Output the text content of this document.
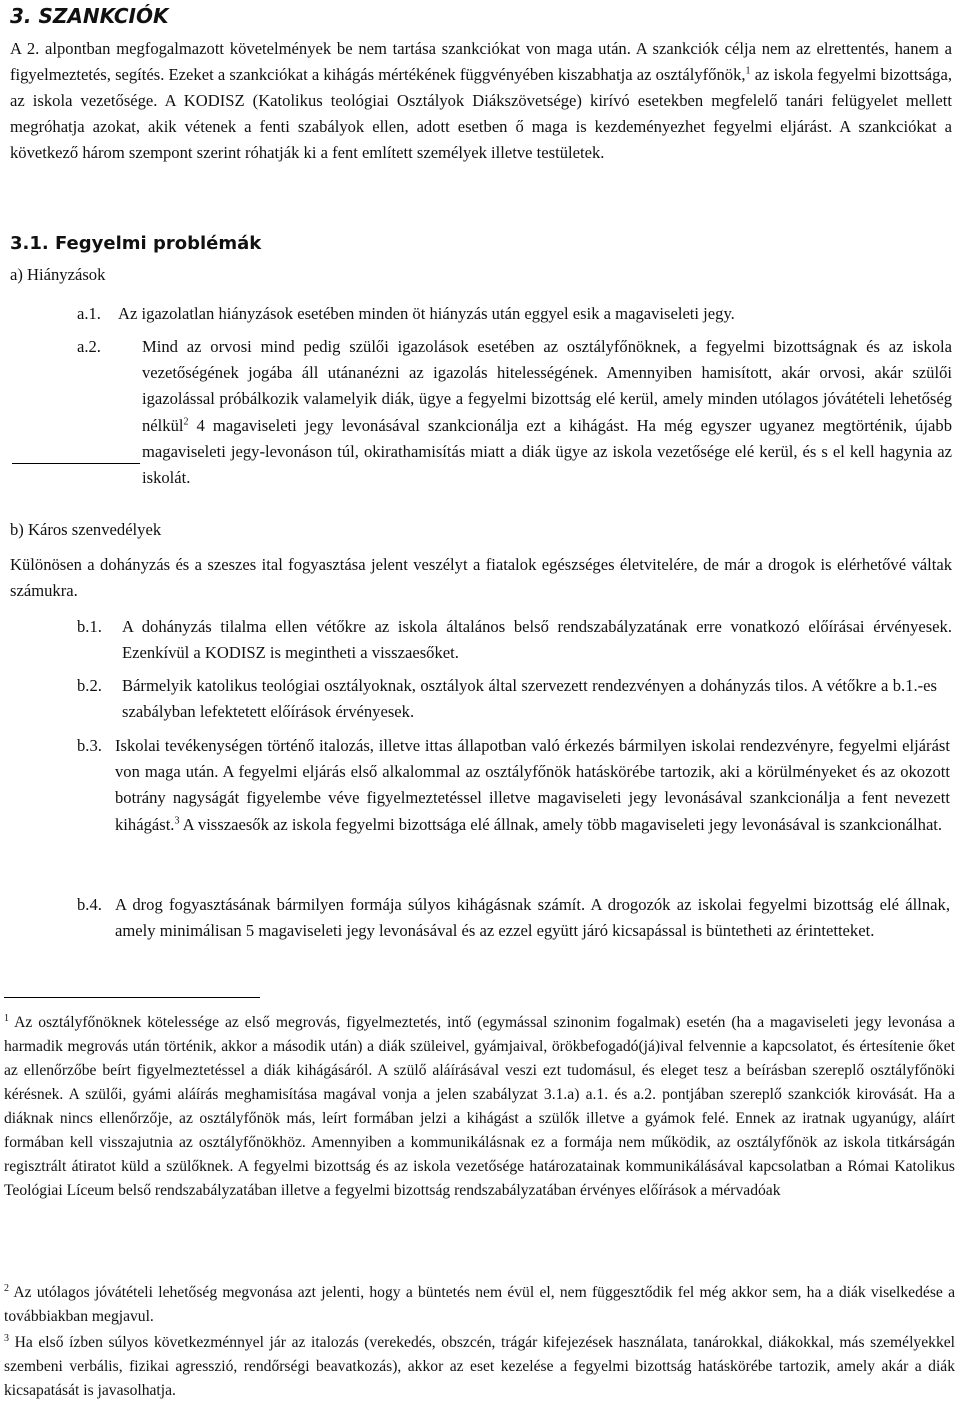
3. SZANKCIÓK
A 2. alpontban megfogalmazott követelmények be nem tartása szankciókat von maga után. A szankciók célja nem az elrettentés, hanem a figyelmeztetés, segítés. Ezeket a szankciókat a kihágás mértékének függvényében kiszabhatja az osztályfőnök,$^1$ az iskola fegyelmi bizottsága, az iskola vezetősége. A KODISZ (Katolikus teológiai Osztályok Diákszövetsége) kirívó esetekben megfelelő tanári felügyelet mellett megróhatja azokat, akik vétenek a fenti szabályok ellen, adott esetben ő maga is kezdeményezhet fegyelmi eljárást. A szankciókat a következő három szempont szerint róhatják ki a fent említett személyek illetve testületek.
3.1. Fegyelmi problémák
a) Hiányzások
a.1. Az igazolatlan hiányzások esetében minden öt hiányzás után eggyel esik a magaviseleti jegy.
a.2. Mind az orvosi mind pedig szülői igazolások esetében az osztályfőnöknek, a fegyelmi bizottságnak és az iskola vezetőségének jogába áll utánanézni az igazolás hitelességének. Amennyiben hamisított, akár orvosi, akár szülői igazolással próbálkozik valamelyik diák, ügye a fegyelmi bizottság elé kerül, amely minden utólagos jóvátételi lehetőség nélkül$^2$ 4 magaviseleti jegy levonásával szankcionálja ezt a kihágást. Ha még egyszer ugyanez megtörténik, újabb magaviseleti jegy-levonáson túl, okirathamisítás miatt a diák ügye az iskola vezetősége elé kerül, és s el kell hagynia az iskolát.
b) Káros szenvedélyek
Különösen a dohányzás és a szeszes ital fogyasztása jelent veszélyt a fiatalok egészséges életvitelére, de már a drogok is elérhetővé váltak számukra.
b.1. A dohányzás tilalma ellen vétőkre az iskola általános belső rendszabályzatának erre vonatkozó előírásai érvényesek. Ezenkívül a KODISZ is megintheti a visszaesőket.
b.2. Bármelyik katolikus teológiai osztályoknak, osztályok által szervezett rendezvényen a dohányzás tilos. A vétőkre a b.1.-es szabályban lefektetett előírások érvényesek.
b.3. Iskolai tevékenységen történő italozás, illetve ittas állapotban való érkezés bármilyen iskolai rendezvényre, fegyelmi eljárást von maga után. A fegyelmi eljárás első alkalommal az osztályfőnök hatáskörébe tartozik, aki a körülményeket és az okozott botrány nagyságát figyelembe véve figyelmeztetéssel illetve magaviseleti jegy levonásával szankcionálja a fent nevezett kihágást.$^3$ A visszaesők az iskola fegyelmi bizottsága elé állnak, amely több magaviseleti jegy levonásával is szankcionálhat.
b.4. A drog fogyasztásának bármilyen formája súlyos kihágásnak számít. A drogozók az iskolai fegyelmi bizottság elé állnak, amely minimálisan 5 magaviseleti jegy levonásával és az ezzel együtt járó kicsapással is büntetheti az érintetteket.
$^1$ Az osztályfőnöknek kötelessége az első megrovás, figyelmeztetés, intő (egymással szinonim fogalmak) esetén (ha a magaviseleti jegy levonása a harmadik megrovás után történik, akkor a második után) a diák szüleivel, gyámjaival, örökbefogadó(já)ival felvennie a kapcsolatot, és értesítenie őket az ellenőrzőbe beírt figyelmeztetéssel a diák kihágásáról. A szülő aláírásával veszi ezt tudomásul, és eleget tesz a beírásban szereplő osztályfőnöki kérésnek. A szülői, gyámi aláírás meghamisítása magával vonja a jelen szabályzat 3.1.a) a.1. és a.2. pontjában szereplő szankciók kirovását. Ha a diáknak nincs ellenőrzője, az osztályfőnök más, leírt formában jelzi a kihágást a szülők illetve a gyámok felé. Ennek az iratnak ugyanúgy, aláírt formában kell visszajutnia az osztályfőnökhöz. Amennyiben a kommunikálásnak ez a formája nem működik, az osztályfőnök az iskola titkárságán regisztrált átiratot küld a szülőknek. A fegyelmi bizottság és az iskola vezetősége határozatainak kommunikálásával kapcsolatban a Római Katolikus Teológiai Líceum belső rendszabályzatában illetve a fegyelmi bizottság rendszabályzatában érvényes előírások a mérvadóak
$^2$ Az utólagos jóvátételi lehetőség megvonása azt jelenti, hogy a büntetés nem évül el, nem függesztődik fel még akkor sem, ha a diák viselkedése a továbbiakban megjavul.
$^3$ Ha első ízben súlyos következménnyel jár az italozás (verekedés, obszcén, trágár kifejezések használata, tanárokkal, diákokkal, más személyekkel szembeni verbális, fizikai agresszió, rendőrségi beavatkozás), akkor az eset kezelése a fegyelmi bizottság hatáskörébe tartozik, amely akár a diák kicsapatását is javasolhatja.
